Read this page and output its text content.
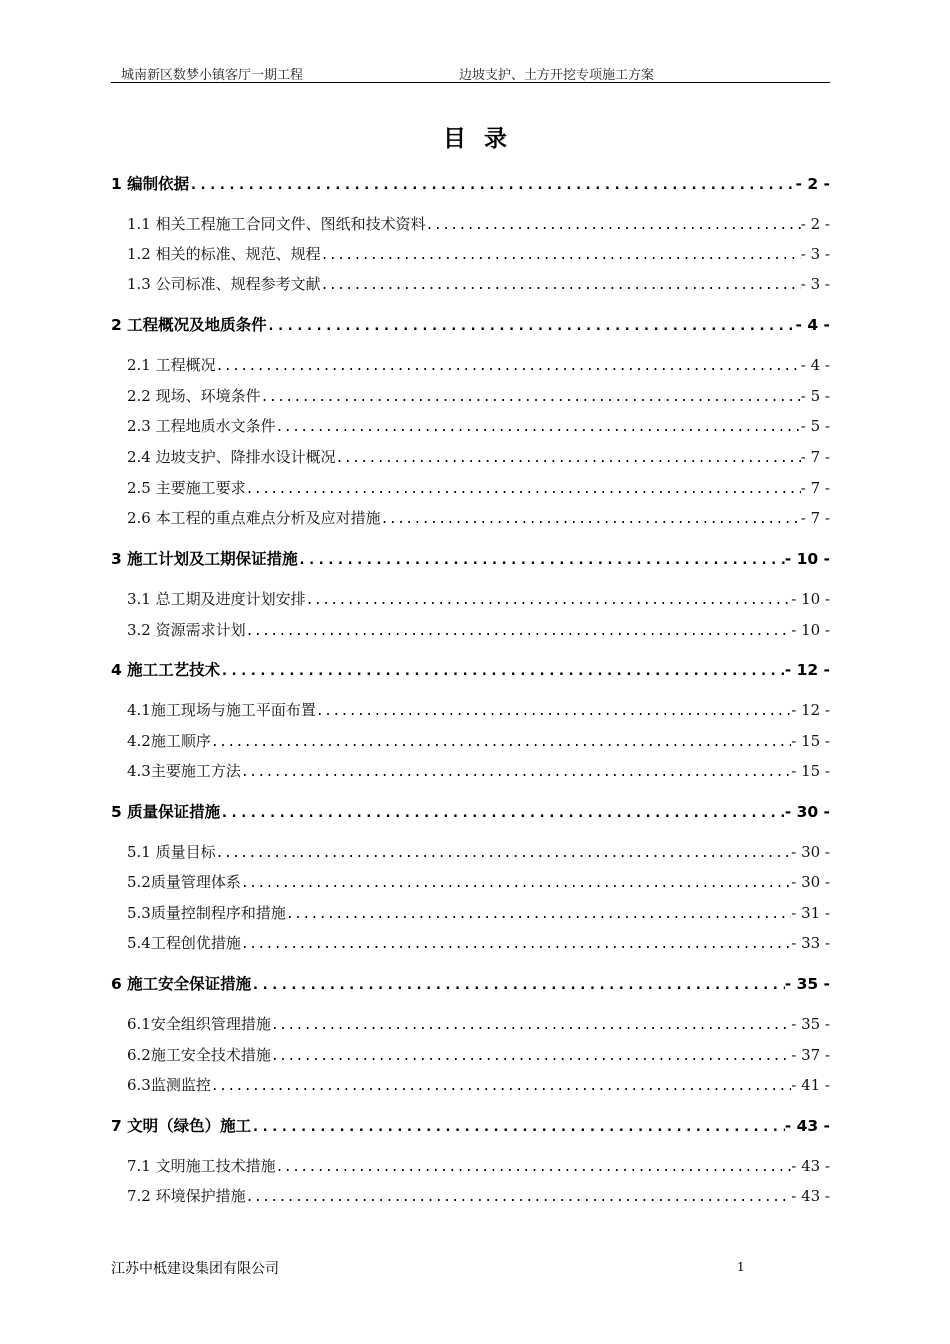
城南新区数梦小镇客厅一期工程	边坡支护、土方开挖专项施工方案
目录
1 编制依据 .....	- 2 -
1.1 相关工程施工合同文件、图纸和技术资料 .....	- 2 -
1.2 相关的标准、规范、规程 .....	- 3 -
1.3 公司标准、规程参考文献 .....	- 3 -
2 工程概况及地质条件 .....	- 4 -
2.1 工程概况 .....	- 4 -
2.2 现场、环境条件 .....	- 5 -
2.3 工程地质水文条件 .....	- 5 -
2.4 边坡支护、降排水设计概况 .....	- 7 -
2.5 主要施工要求 .....	- 7 -
2.6 本工程的重点难点分析及应对措施 .....	- 7 -
3 施工计划及工期保证措施 .....	- 10 -
3.1 总工期及进度计划安排 .....	- 10 -
3.2 资源需求计划 .....	- 10 -
4 施工工艺技术 .....	- 12 -
4.1施工现场与施工平面布置 .....	- 12 -
4.2施工顺序 .....	- 15 -
4.3主要施工方法 .....	- 15 -
5 质量保证措施 .....	- 30 -
5.1 质量目标 .....	- 30 -
5.2质量管理体系 .....	- 30 -
5.3质量控制程序和措施 .....	- 31 -
5.4工程创优措施 .....	- 33 -
6 施工安全保证措施 .....	- 35 -
6.1安全组织管理措施 .....	- 35 -
6.2施工安全技术措施 .....	- 37 -
6.3监测监控 .....	- 41 -
7 文明（绿色）施工 .....	- 43 -
7.1 文明施工技术措施 .....	- 43 -
7.2 环境保护措施 .....	- 43 -
江苏中柢建设集团有限公司	1
